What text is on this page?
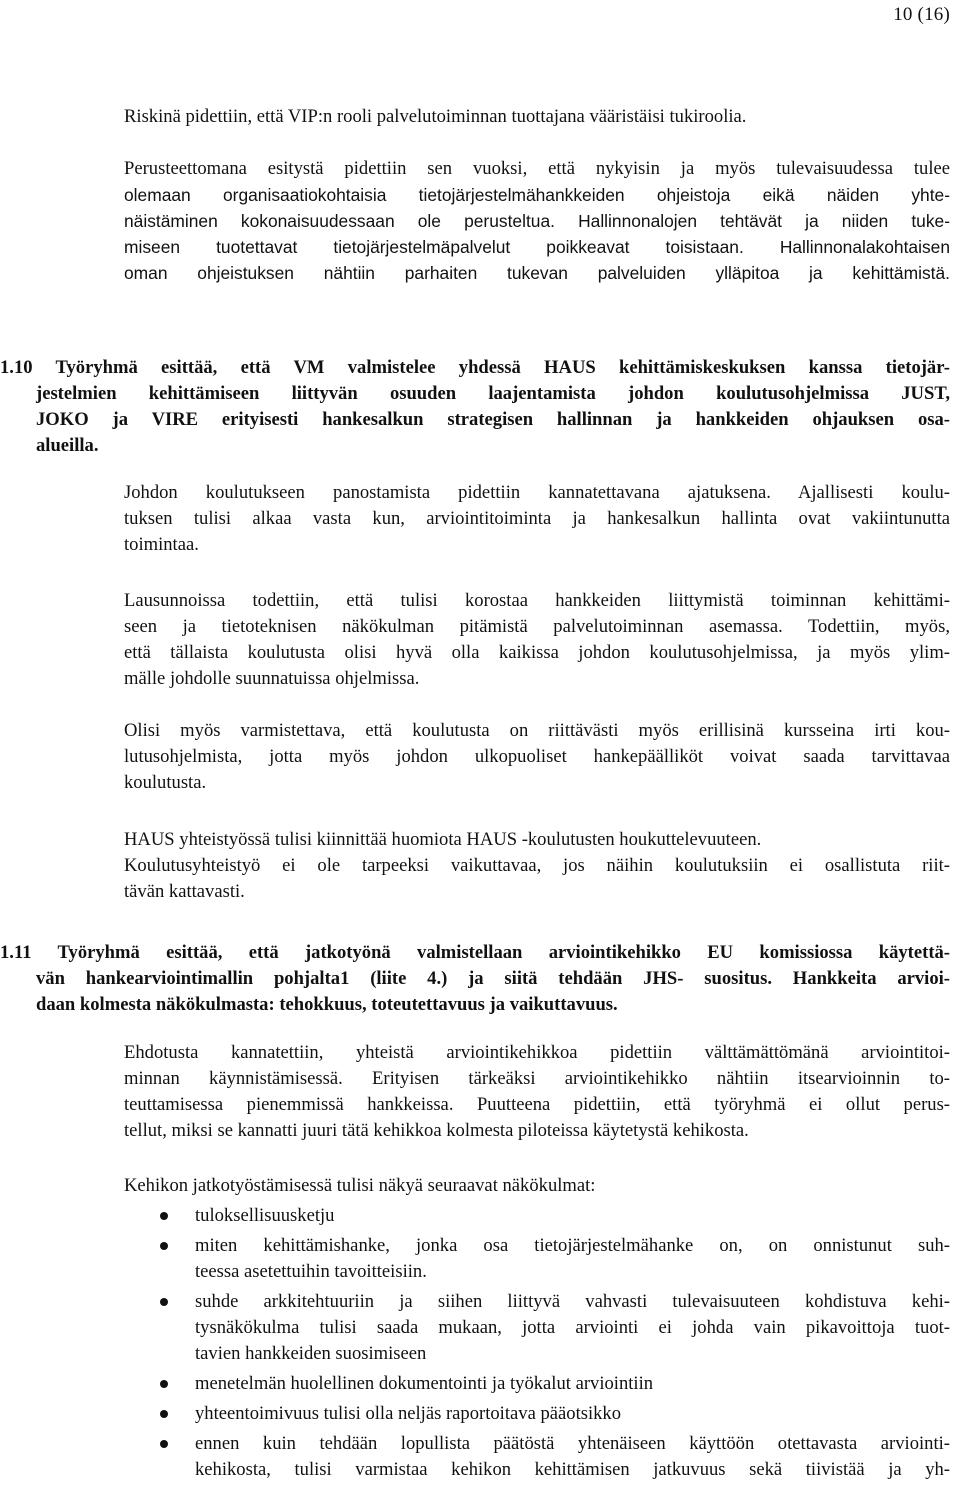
10 (16)
Riskinä pidettiin, että VIP:n rooli palvelutoiminnan tuottajana vääristäisi tukiroolia.
Perusteettomana esitystä pidettiin sen vuoksi, että nykyisin ja myös tulevaisuudessa tulee
olemaan organisaatiokohtaisia tietojärjestelmähankkeiden ohjeistoja eikä näiden yhte-
näistäminen kokonaisuudessaan ole perusteltua. Hallinnonalojen tehtävät ja niiden tuke-
miseen tuotettavat tietojärjestelmäpalvelut poikkeavat toisistaan. Hallinnonalakohtaisen
oman ohjeistuksen nähtiin parhaiten tukevan palveluiden ylläpitoa ja kehittämistä.
1.10 Työryhmä esittää, että VM valmistelee yhdessä HAUS kehittämiskeskuksen kanssa tietojär-
jestelmien kehittämiseen liittyvän osuuden laajentamista johdon koulutusohjelmissa JUST,
JOKO ja VIRE erityisesti hankesalkun strategisen hallinnan ja hankkeiden ohjauksen osa-
alueilla.
Johdon koulutukseen panostamista pidettiin kannatettavana ajatuksena. Ajallisesti koulu-
tuksen tulisi alkaa vasta kun, arviointitoiminta ja hankesalkun hallinta ovat vakiintunutta
toimintaa.
Lausunnoissa todettiin, että tulisi korostaa hankkeiden liittymistä toiminnan kehittämi-
seen ja tietoteknisen näkökulman pitämistä palvelutoiminnan asemassa. Todettiin, myös,
että tällaista koulutusta olisi hyvä olla kaikissa johdon koulutusohjelmissa, ja myös ylim-
mälle johdolle suunnatuissa ohjelmissa.
Olisi myös varmistettava, että koulutusta on riittävästi myös erillisinä kursseina irti kou-
lutusohjelmista, jotta myös johdon ulkopuoliset hankepäälliköt voivat saada tarvittavaa
koulutusta.
HAUS yhteistyössä tulisi kiinnittää huomiota HAUS -koulutusten houkuttelevuuteen.
Koulutusyhteistyö ei ole tarpeeksi vaikuttavaa, jos näihin koulutuksiin ei osallistuta riit-
tävän kattavasti.
1.11 Työryhmä esittää, että jatkotyönä valmistellaan arviointikehikko EU komissiossa käytettä-
vän hankearviointimallin pohjalta1 (liite 4.) ja siitä tehdään JHS- suositus. Hankkeita arvioi-
daan kolmesta näkökulmasta: tehokkuus, toteutettavuus ja vaikuttavuus.
Ehdotusta kannatettiin, yhteistä arviointikehikkoa pidettiin välttämättömänä arviointitoi-
minnan käynnistämisessä. Erityisen tärkeäksi arviointikehikko nähtiin itsearvioinnin to-
teuttamisessa pienemmissä hankkeissa. Puutteena pidettiin, että työryhmä ei ollut perus-
tellut, miksi se kannatti juuri tätä kehikkoa kolmesta piloteissa käytetystä kehikosta.
Kehikon jatkotyöstämisessä tulisi näkyä seuraavat näkökulmat:
tuloksellisuusketju
miten kehittämishanke, jonka osa tietojärjestelmähanke on, on onnistunut suh-
teessa asetettuihin tavoitteisiin.
suhde arkkitehtuuriin ja siihen liittyvä vahvasti tulevaisuuteen kohdistuva kehi-
tysnäkökulma tulisi saada mukaan, jotta arviointi ei johda vain pikavoittoja tuot-
tavien hankkeiden suosimiseen
menetelmän huolellinen dokumentointi ja työkalut arviointiin
yhteentoimivuus tulisi olla neljäs raportoitava pääotsikko
ennen kuin tehdään lopullista päätöstä yhtenäiseen käyttöön otettavasta arviointi-
kehikosta, tulisi varmistaa kehikon kehittämisen jatkuvuus sekä tiivistää ja yh-
